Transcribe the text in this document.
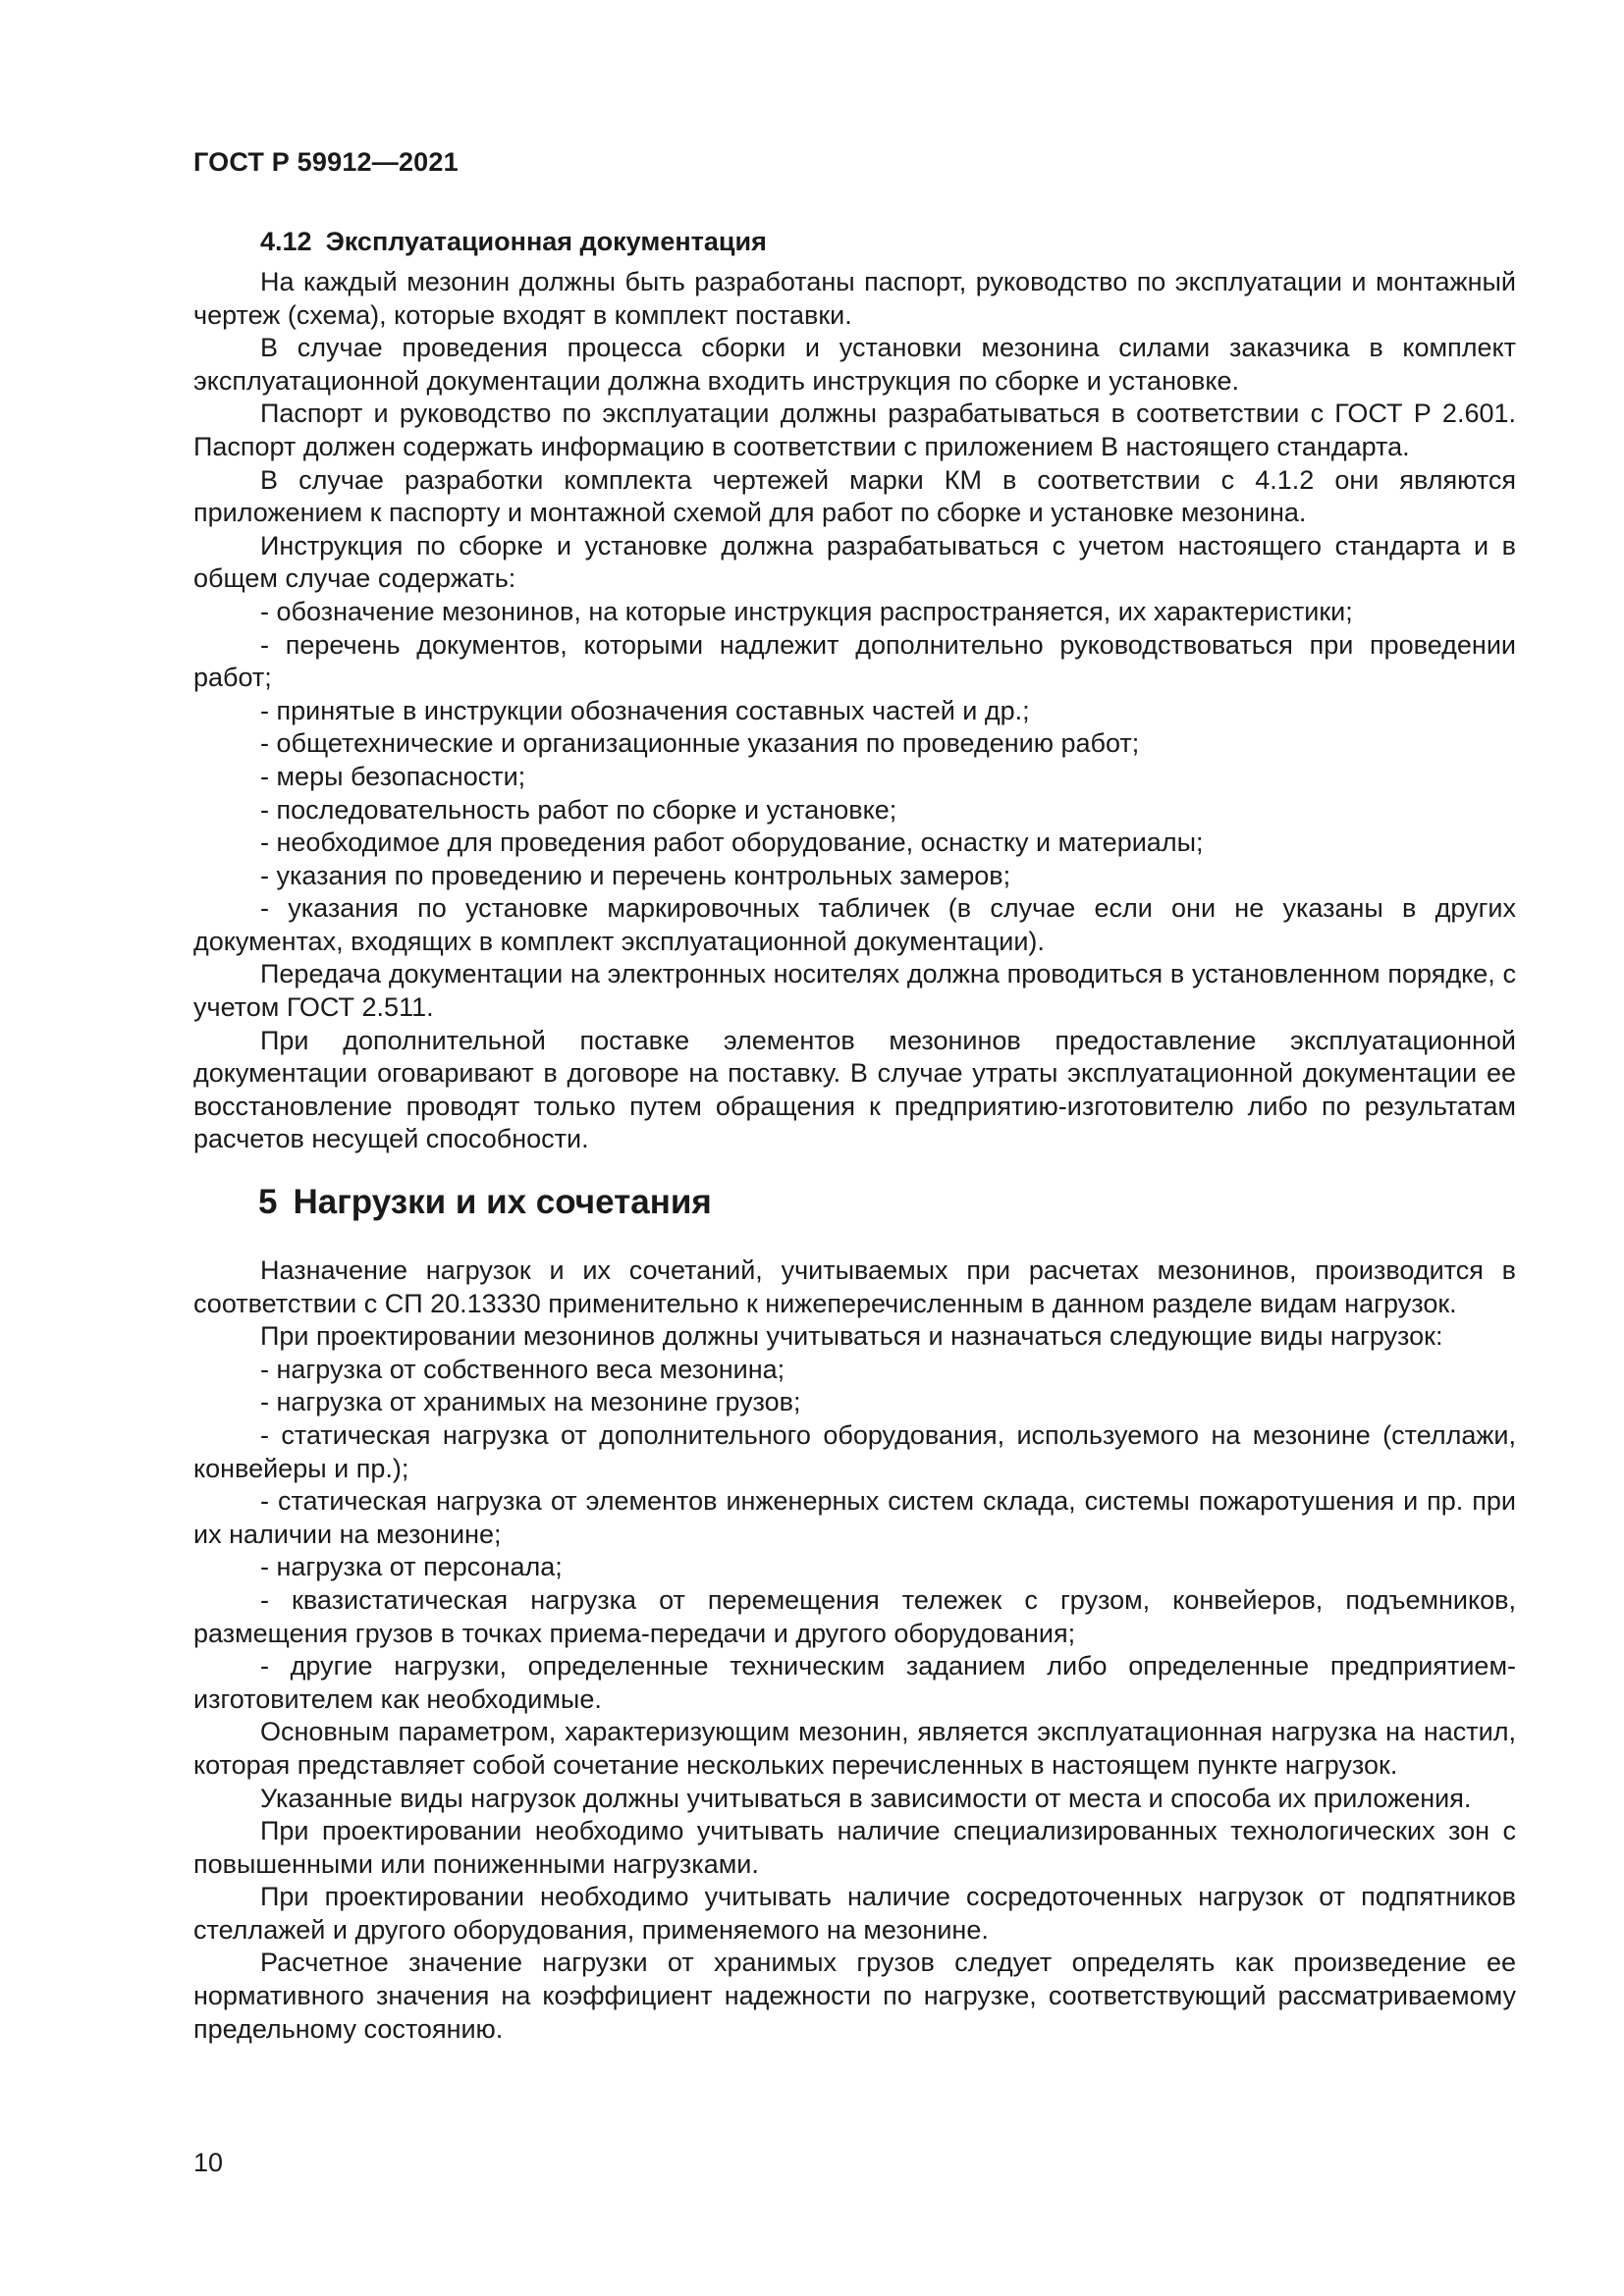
ГОСТ Р 59912—2021
4.12 Эксплуатационная документация

На каждый мезонин должны быть разработаны паспорт, руководство по эксплуатации и монтажный чертеж (схема), которые входят в комплект поставки.

В случае проведения процесса сборки и установки мезонина силами заказчика в комплект эксплуатационной документации должна входить инструкция по сборке и установке.

Паспорт и руководство по эксплуатации должны разрабатываться в соответствии с ГОСТ Р 2.601. Паспорт должен содержать информацию в соответствии с приложением В настоящего стандарта.

В случае разработки комплекта чертежей марки КМ в соответствии с 4.1.2 они являются приложением к паспорту и монтажной схемой для работ по сборке и установке мезонина.

Инструкция по сборке и установке должна разрабатываться с учетом настоящего стандарта и в общем случае содержать:

- обозначение мезонинов, на которые инструкция распространяется, их характеристики;

- перечень документов, которыми надлежит дополнительно руководствоваться при проведении работ;

- принятые в инструкции обозначения составных частей и др.;

- общетехнические и организационные указания по проведению работ;

- меры безопасности;

- последовательность работ по сборке и установке;

- необходимое для проведения работ оборудование, оснастку и материалы;

- указания по проведению и перечень контрольных замеров;

- указания по установке маркировочных табличек (в случае если они не указаны в других документах, входящих в комплект эксплуатационной документации).

Передача документации на электронных носителях должна проводиться в установленном порядке, с учетом ГОСТ 2.511.

При дополнительной поставке элементов мезонинов предоставление эксплуатационной документации оговаривают в договоре на поставку. В случае утраты эксплуатационной документации ее восстановление проводят только путем обращения к предприятию-изготовителю либо по результатам расчетов несущей способности.

5 Нагрузки и их сочетания

Назначение нагрузок и их сочетаний, учитываемых при расчетах мезонинов, производится в соответствии с СП 20.13330 применительно к нижеперечисленным в данном разделе видам нагрузок.

При проектировании мезонинов должны учитываться и назначаться следующие виды нагрузок:

- нагрузка от собственного веса мезонина;

- нагрузка от хранимых на мезонине грузов;

- статическая нагрузка от дополнительного оборудования, используемого на мезонине (стеллажи, конвейеры и пр.);

- статическая нагрузка от элементов инженерных систем склада, системы пожаротушения и пр. при их наличии на мезонине;

- нагрузка от персонала;

- квазистатическая нагрузка от перемещения тележек с грузом, конвейеров, подъемников, размещения грузов в точках приема-передачи и другого оборудования;

- другие нагрузки, определенные техническим заданием либо определенные предприятием-изготовителем как необходимые.

Основным параметром, характеризующим мезонин, является эксплуатационная нагрузка на настил, которая представляет собой сочетание нескольких перечисленных в настоящем пункте нагрузок.

Указанные виды нагрузок должны учитываться в зависимости от места и способа их приложения.

При проектировании необходимо учитывать наличие специализированных технологических зон с повышенными или пониженными нагрузками.

При проектировании необходимо учитывать наличие сосредоточенных нагрузок от подпятников стеллажей и другого оборудования, применяемого на мезонине.

Расчетное значение нагрузки от хранимых грузов следует определять как произведение ее нормативного значения на коэффициент надежности по нагрузке, соответствующий рассматриваемому предельному состоянию.

10
